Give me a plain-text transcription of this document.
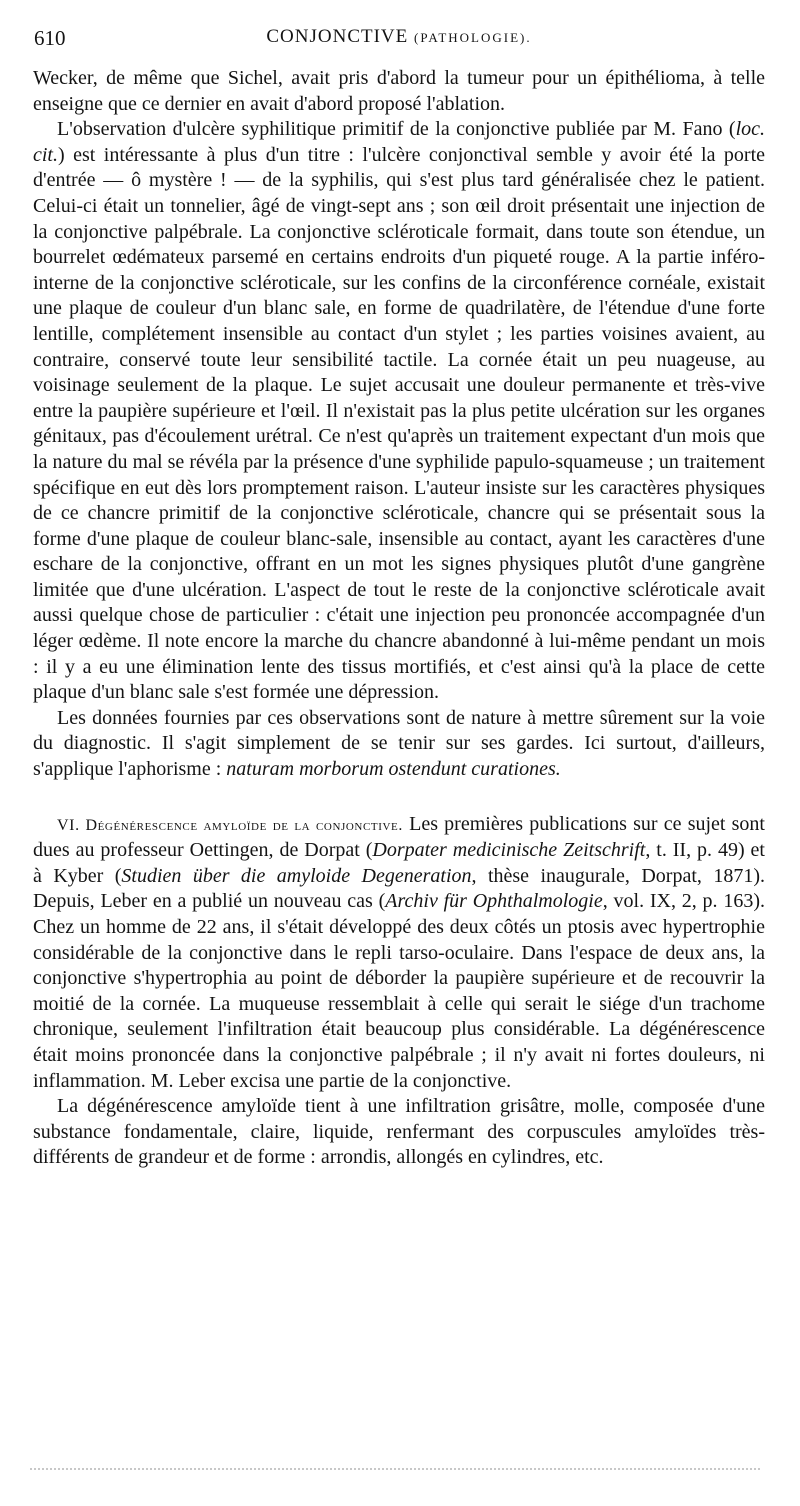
610	CONJONCTIVE (PATHOLOGIE).

Wecker, de même que Sichel, avait pris d'abord la tumeur pour un épithélioma, à telle enseigne que ce dernier en avait d'abord proposé l'ablation.

L'observation d'ulcère syphilitique primitif de la conjonctive publiée par M. Fano (loc. cit.) est intéressante à plus d'un titre : l'ulcère conjonctival semble y avoir été la porte d'entrée — ô mystère ! — de la syphilis, qui s'est plus tard généralisée chez le patient. Celui-ci était un tonnelier, âgé de vingt-sept ans ; son œil droit présentait une injection de la conjonctive palpébrale. La conjonctive scléroticale formait, dans toute son étendue, un bourrelet œdémateux parsemé en certains endroits d'un piqueté rouge. A la partie inféro-interne de la conjonctive scléroticale, sur les confins de la circonférence cornéale, existait une plaque de couleur d'un blanc sale, en forme de quadrilatère, de l'étendue d'une forte lentille, complétement insensible au contact d'un stylet ; les parties voisines avaient, au contraire, conservé toute leur sensibilité tactile. La cornée était un peu nuageuse, au voisinage seulement de la plaque. Le sujet accusait une douleur permanente et très-vive entre la paupière supérieure et l'œil. Il n'existait pas la plus petite ulcération sur les organes génitaux, pas d'écoulement urétral. Ce n'est qu'après un traitement expectant d'un mois que la nature du mal se révéla par la présence d'une syphilide papulo-squameuse ; un traitement spécifique en eut dès lors promptement raison. L'auteur insiste sur les caractères physiques de ce chancre primitif de la conjonctive scléroticale, chancre qui se présentait sous la forme d'une plaque de couleur blanc-sale, insensible au contact, ayant les caractères d'une eschare de la conjonctive, offrant en un mot les signes physiques plutôt d'une gangrène limitée que d'une ulcération. L'aspect de tout le reste de la conjonctive scléroticale avait aussi quelque chose de particulier : c'était une injection peu prononcée accompagnée d'un léger œdème. Il note encore la marche du chancre abandonné à lui-même pendant un mois : il y a eu une élimination lente des tissus mortifiés, et c'est ainsi qu'à la place de cette plaque d'un blanc sale s'est formée une dépression.

Les données fournies par ces observations sont de nature à mettre sûrement sur la voie du diagnostic. Il s'agit simplement de se tenir sur ses gardes. Ici surtout, d'ailleurs, s'applique l'aphorisme : naturam morborum ostendunt curationes.

VI. Dégénérescence amyloïde de la conjonctive. Les premières publications sur ce sujet sont dues au professeur Oettingen, de Dorpat (Dorpater medicinische Zeitschrift, t. II, p. 49) et à Kyber (Studien über die amyloide Degeneration, thèse inaugurale, Dorpat, 1871). Depuis, Leber en a publié un nouveau cas (Archiv für Ophthalmologie, vol. IX, 2, p. 163). Chez un homme de 22 ans, il s'était développé des deux côtés un ptosis avec hypertrophie considérable de la conjonctive dans le repli tarso-oculaire. Dans l'espace de deux ans, la conjonctive s'hypertrophia au point de déborder la paupière supérieure et de recouvrir la moitié de la cornée. La muqueuse ressemblait à celle qui serait le siége d'un trachome chronique, seulement l'infiltration était beaucoup plus considérable. La dégénérescence était moins prononcée dans la conjonctive palpébrale ; il n'y avait ni fortes douleurs, ni inflammation. M. Leber excisa une partie de la conjonctive.

La dégénérescence amyloïde tient à une infiltration grisâtre, molle, composée d'une substance fondamentale, claire, liquide, renfermant des corpuscules amyloïdes très-différents de grandeur et de forme : arrondis, allongés en cylindres, etc.
